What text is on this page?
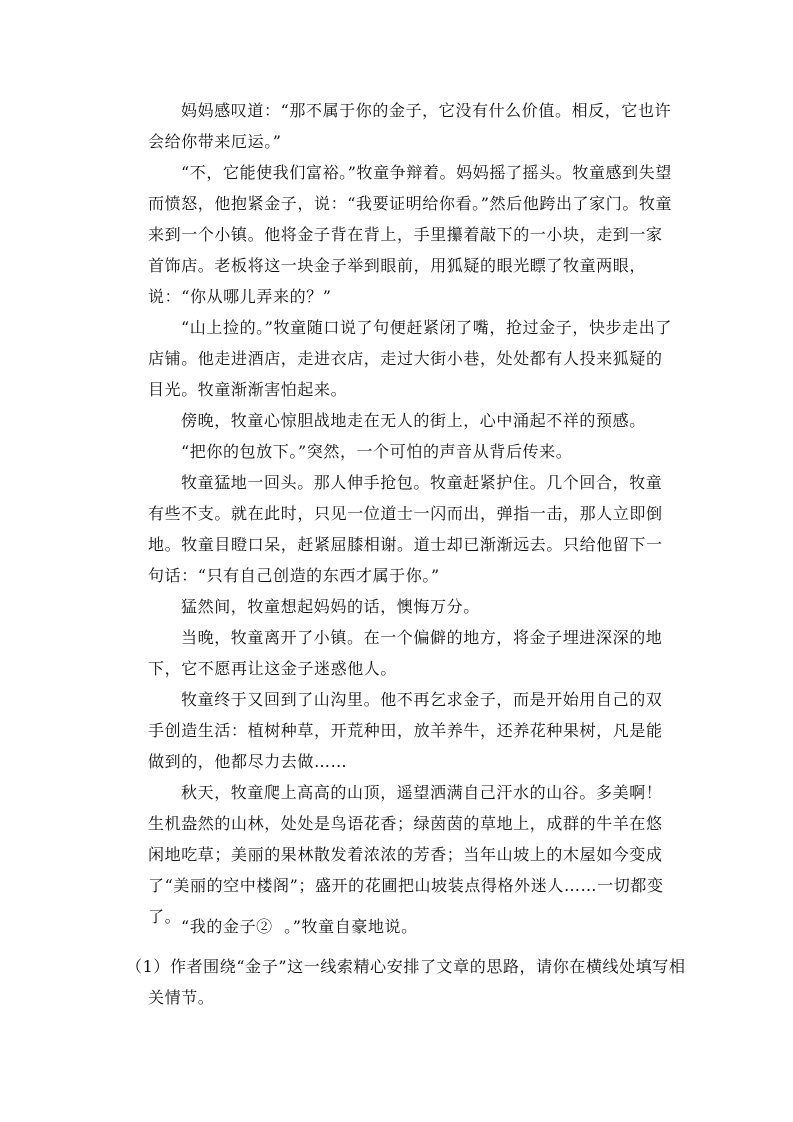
妈妈感叹道：“那不属于你的金子，它没有什么价值。相反，它也许会给你带来厄运。”

“不，它能使我们富裕。”牧童争辩着。妈妈摇了摇头。牧童感到失望而愤怒，他抱紧金子，说：“我要证明给你看。”然后他跨出了家门。牧童来到一个小镇。他将金子背在背上，手里攥着敲下的一小块，走到一家首饰店。老板将这一块金子举到眼前，用狐疑的眼光瞟了牧童两眼，说：“你从哪儿弄来的？”

“山上捡的。”牧童随口说了句便赶紧闭了嘴，抢过金子，快步走出了店铺。他走进酒店，走进衣店，走过大街小巷，处处都有人投来狐疑的目光。牧童渐渐害怕起来。

傍晚，牧童心惊胆战地走在无人的街上，心中涌起不祥的预感。

“把你的包放下。”突然，一个可怕的声音从背后传来。

牧童猛地一回头。那人伸手抢包。牧童赶紧护住。几个回合，牧童有些不支。就在此时，只见一位道士一闪而出，弹指一击，那人立即倒地。牧童目瞪口呆，赶紧屈膝相谢。道士却已渐渐远去。只给他留下一句话：“只有自己创造的东西才属于你。”

猛然间，牧童想起妈妈的话，懊悔万分。

当晚，牧童离开了小镇。在一个偏僻的地方，将金子埋进深深的地下，它不愿再让这金子迷惑他人。

牧童终于又回到了山沟里。他不再乞求金子，而是开始用自己的双手创造生活：植树种草，开荒种田，放羊养牛，还养花种果树，凡是能做到的，他都尽力去做……

秋天，牧童爬上高高的山顶，遥望洒满自己汗水的山谷。多美啊！生机盎然的山林，处处是鸟语花香；绿茵茵的草地上，成群的牛羊在悠闲地吃草；美丽的果林散发着浓浓的芳香；当年山坡上的木屋如今变成了“美丽的空中楼阁”；盛开的花圃把山坡装点得格外迷人……一切都变了。

“我的金子②  。”牧童自豪地说。

（1）作者围绕“金子”这一线索精心安排了文章的思路，请你在横线处填写相关情节。
